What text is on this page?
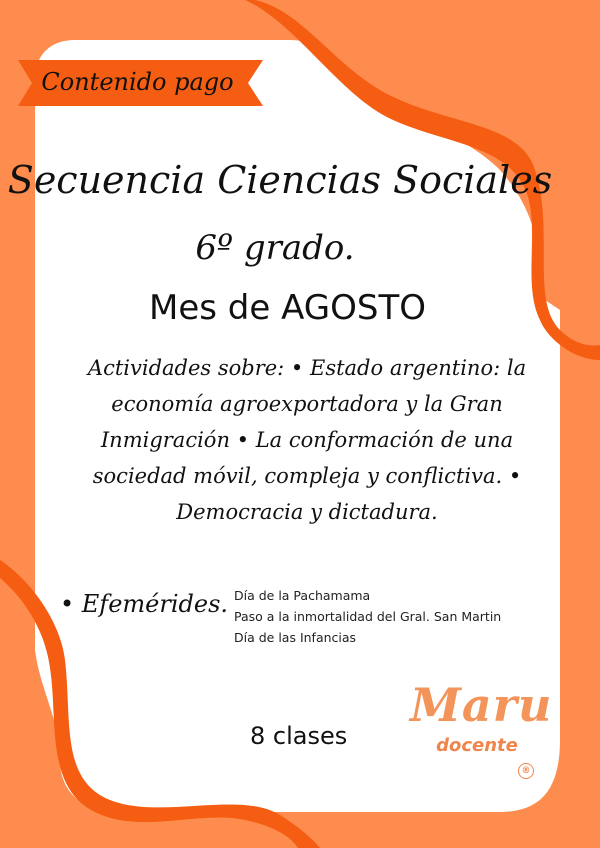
Contenido pago
Secuencia Ciencias Sociales
6º grado.
Mes de AGOSTO
Actividades sobre: • Estado argentino: la economía agroexportadora y la Gran Inmigración • La conformación de una sociedad móvil, compleja y conflictiva. • Democracia y dictadura.
• Efemérides. Día de la Pachamama
Paso a la inmortalidad del Gral. San Martin
Día de las Infancias
8 clases
Maru
docente
®
